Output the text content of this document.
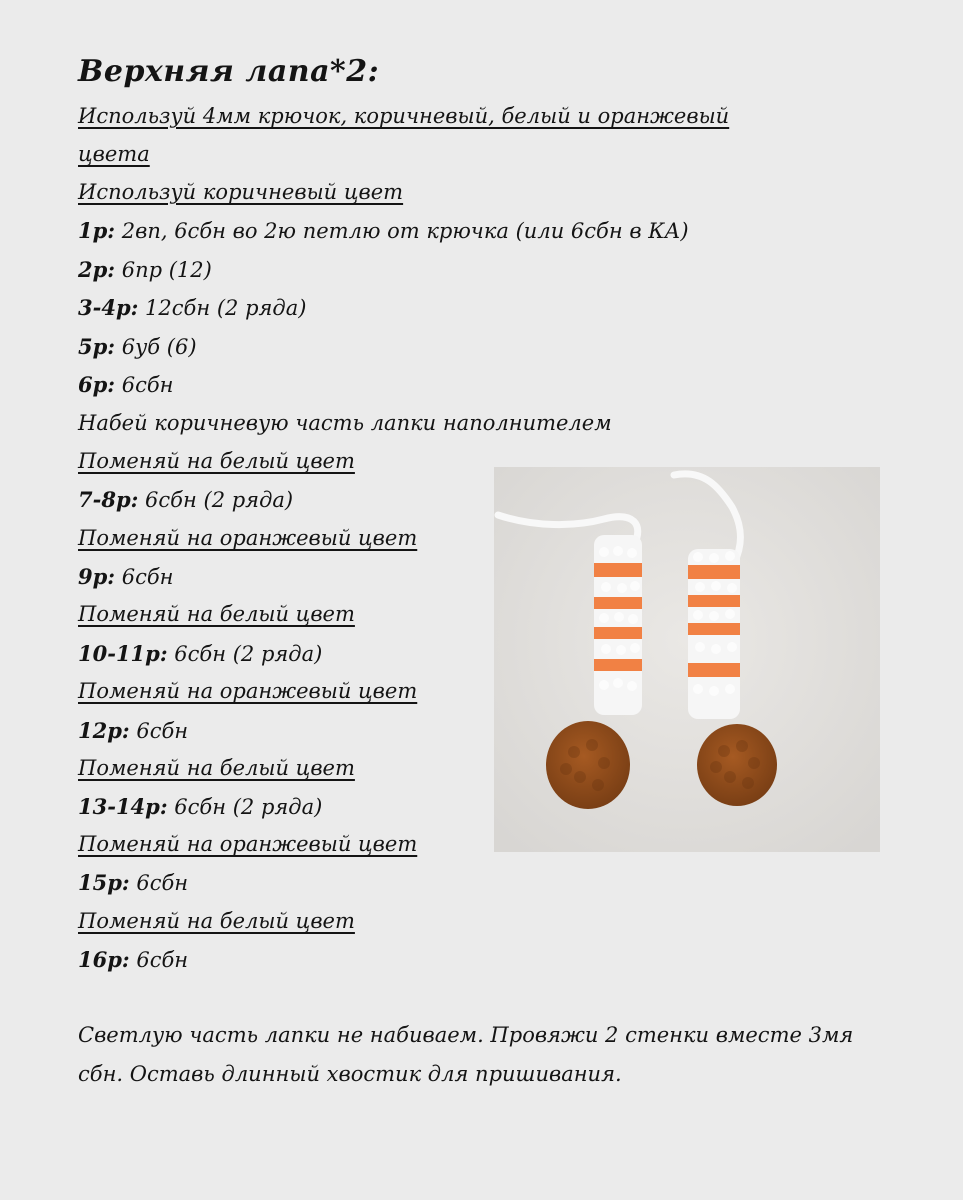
Верхняя лапа*2:
Используй 4мм крючок, коричневый, белый и оранжевый
цвета
Используй коричневый цвет
1р: 2вп, 6сбн во 2ю петлю от крючка (или 6сбн в КА)
2р: 6пр (12)
3-4р: 12сбн (2 ряда)
5р: 6уб (6)
6р: 6сбн
Набей коричневую часть лапки наполнителем
Поменяй на белый цвет
7-8р: 6сбн (2 ряда)
Поменяй на оранжевый цвет
9р: 6сбн
Поменяй на белый цвет
10-11р: 6сбн (2 ряда)
Поменяй на оранжевый цвет
12р: 6сбн
Поменяй на белый цвет
13-14р: 6сбн (2 ряда)
Поменяй на оранжевый цвет
15р: 6сбн
Поменяй на белый цвет
16р: 6сбн
Светлую часть лапки не набиваем. Провяжи 2 стенки вместе 3мя сбн. Оставь длинный хвостик для пришивания.
